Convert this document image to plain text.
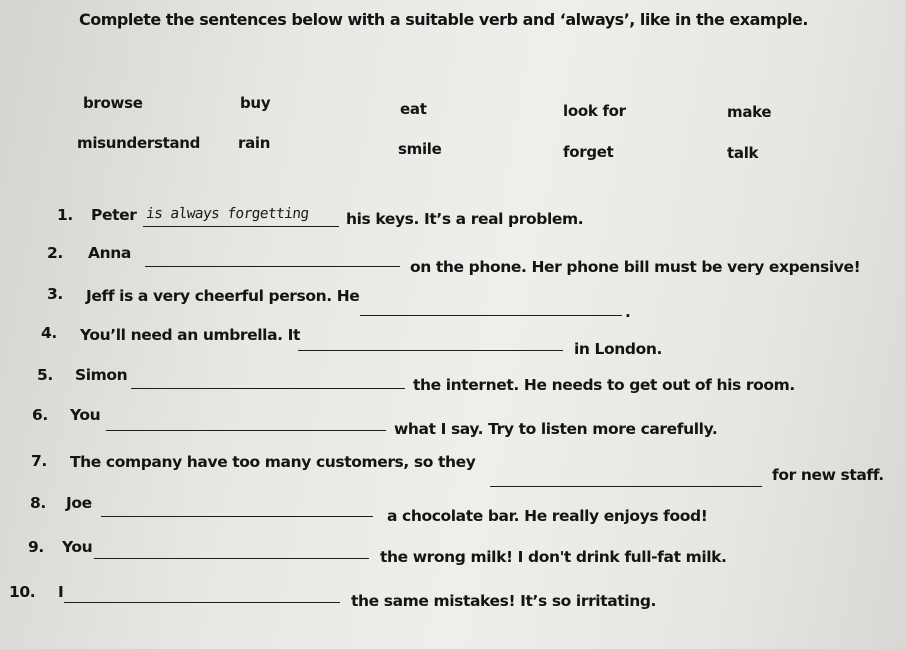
Complete the sentences below with a suitable verb and ‘always’, like in the example.
browse	buy	eat	look for	make
misunderstand	rain	smile	forget	talk
1. Peter is always forgetting his keys. It’s a real problem.
2. Anna
on the phone. Her phone bill must be very expensive!
3. Jeff is a very cheerful person. He
.
4. You’ll need an umbrella. It
in London.
5. Simon
the internet. He needs to get out of his room.
6. You
what I say. Try to listen more carefully.
7. The company have too many customers, so they
for new staff.
8. Joe
a chocolate bar. He really enjoys food!
9. You
the wrong milk! I don't drink full-fat milk.
10. I	the same mistakes! It’s so irritating.
